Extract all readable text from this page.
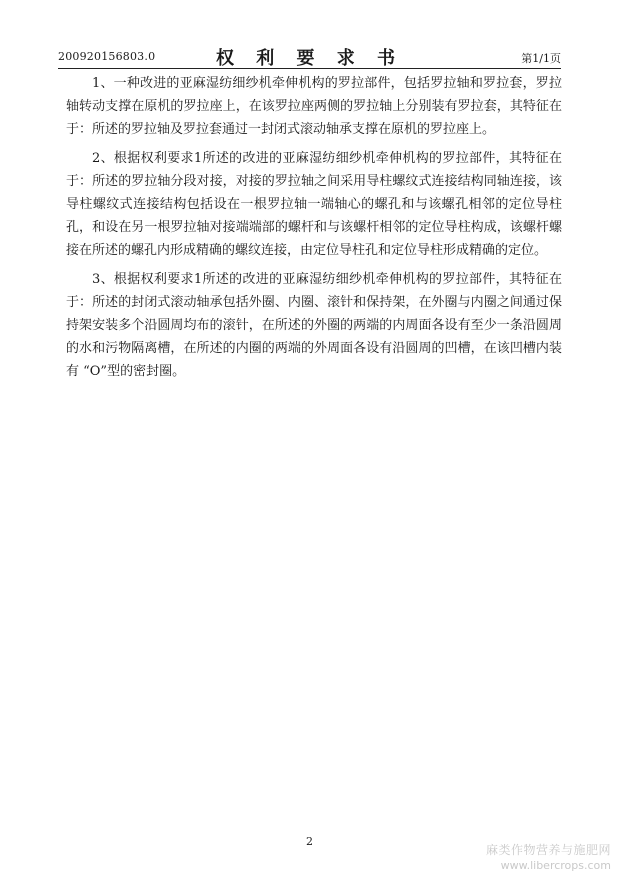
200920156803.0	权 利 要 求 书	第1/1页

1、一种改进的亚麻湿纺细纱机牵伸机构的罗拉部件，包括罗拉轴和罗拉套，罗拉轴转动支撑在原机的罗拉座上，在该罗拉座两侧的罗拉轴上分别装有罗拉套，其特征在于：所述的罗拉轴及罗拉套通过一封闭式滚动轴承支撑在原机的罗拉座上。

2、根据权利要求1所述的改进的亚麻湿纺细纱机牵伸机构的罗拉部件，其特征在于：所述的罗拉轴分段对接，对接的罗拉轴之间采用导柱螺纹式连接结构同轴连接，该导柱螺纹式连接结构包括设在一根罗拉轴一端轴心的螺孔和与该螺孔相邻的定位导柱孔，和设在另一根罗拉轴对接端端部的螺杆和与该螺杆相邻的定位导柱构成，该螺杆螺接在所述的螺孔内形成精确的螺纹连接，由定位导柱孔和定位导柱形成精确的定位。

3、根据权利要求1所述的改进的亚麻湿纺细纱机牵伸机构的罗拉部件，其特征在于：所述的封闭式滚动轴承包括外圈、内圈、滚针和保持架，在外圈与内圈之间通过保持架安装多个沿圆周均布的滚针，在所述的外圈的两端的内周面各设有至少一条沿圆周的水和污物隔离槽，在所述的内圈的两端的外周面各设有沿圆周的凹槽，在该凹槽内装有 “O”型的密封圈。

2
麻类作物营养与施肥网
www.libercrops.com
